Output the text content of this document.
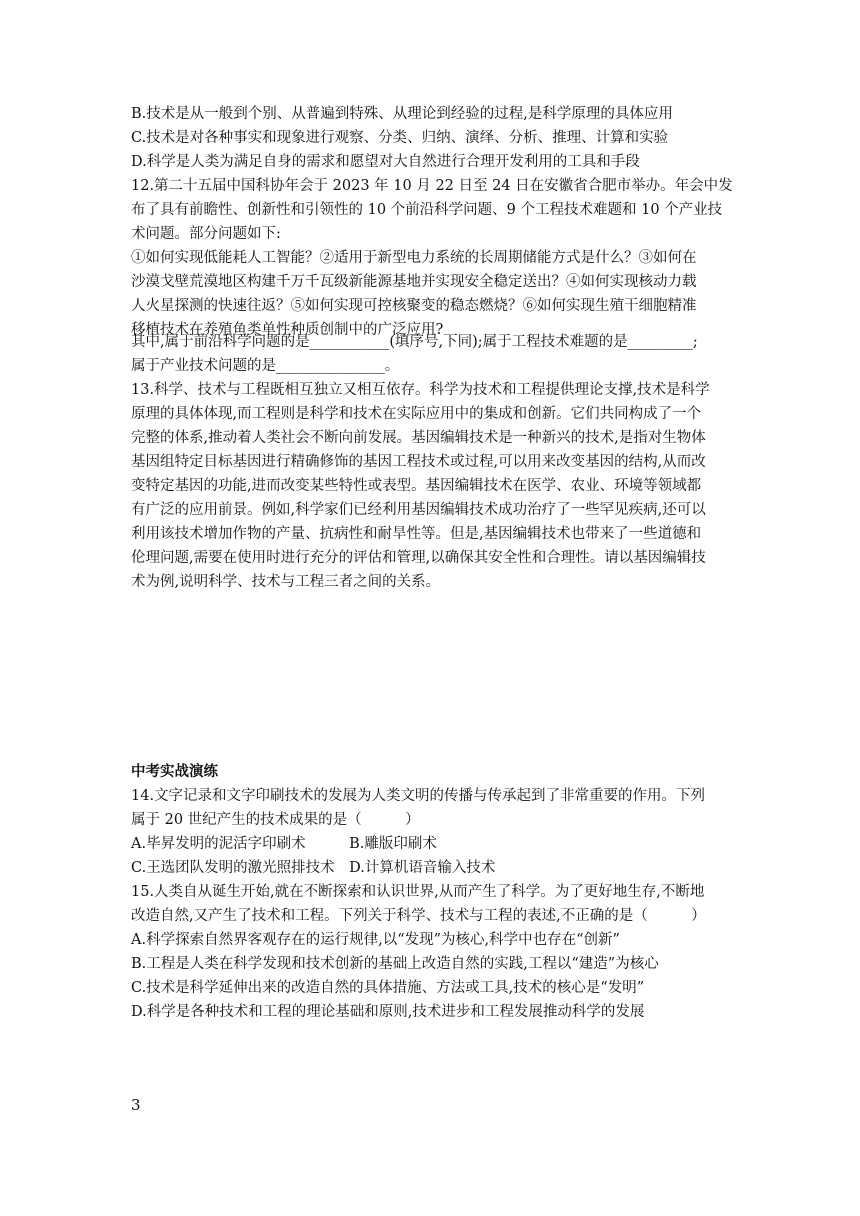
B.技术是从一般到个别、从普遍到特殊、从理论到经验的过程,是科学原理的具体应用
C.技术是对各种事实和现象进行观察、分类、归纳、演绎、分析、推理、计算和实验
D.科学是人类为满足自身的需求和愿望对大自然进行合理开发利用的工具和手段
12.第二十五届中国科协年会于 2023 年 10 月 22 日至 24 日在安徽省合肥市举办。年会中发
布了具有前瞻性、创新性和引领性的 10 个前沿科学问题、9 个工程技术难题和 10 个产业技
术问题。部分问题如下:
①如何实现低能耗人工智能？②适用于新型电力系统的长周期储能方式是什么？③如何在
沙漠戈壁荒漠地区构建千万千瓦级新能源基地并实现安全稳定送出？④如何实现核动力载
人火星探测的快速往返？⑤如何实现可控核聚变的稳态燃烧？⑥如何实现生殖干细胞精准
移植技术在养殖鱼类单性种质创制中的广泛应用?
其中,属于前沿科学问题的是___________(填序号,下同);属于工程技术难题的是_________;
属于产业技术问题的是_______________。
13.科学、技术与工程既相互独立又相互依存。科学为技术和工程提供理论支撑,技术是科学
原理的具体体现,而工程则是科学和技术在实际应用中的集成和创新。它们共同构成了一个
完整的体系,推动着人类社会不断向前发展。基因编辑技术是一种新兴的技术,是指对生物体
基因组特定目标基因进行精确修饰的基因工程技术或过程,可以用来改变基因的结构,从而改
变特定基因的功能,进而改变某些特性或表型。基因编辑技术在医学、农业、环境等领域都
有广泛的应用前景。例如,科学家们已经利用基因编辑技术成功治疗了一些罕见疾病,还可以
利用该技术增加作物的产量、抗病性和耐旱性等。但是,基因编辑技术也带来了一些道德和
伦理问题,需要在使用时进行充分的评估和管理,以确保其安全性和合理性。请以基因编辑技
术为例,说明科学、技术与工程三者之间的关系。
中考实战演练
14.文字记录和文字印刷技术的发展为人类文明的传播与传承起到了非常重要的作用。下列
属于 20 世纪产生的技术成果的是（　　　）
A.毕昇发明的泥活字印刷术　　　B.雕版印刷术
C.王选团队发明的激光照排技术　D.计算机语音输入技术
15.人类自从诞生开始,就在不断探索和认识世界,从而产生了科学。为了更好地生存,不断地
改造自然,又产生了技术和工程。下列关于科学、技术与工程的表述,不正确的是（　　　）
A.科学探索自然界客观存在的运行规律,以“发现”为核心,科学中也存在“创新”
B.工程是人类在科学发现和技术创新的基础上改造自然的实践,工程以“建造”为核心
C.技术是科学延伸出来的改造自然的具体措施、方法或工具,技术的核心是“发明”
D.科学是各种技术和工程的理论基础和原则,技术进步和工程发展推动科学的发展
3
